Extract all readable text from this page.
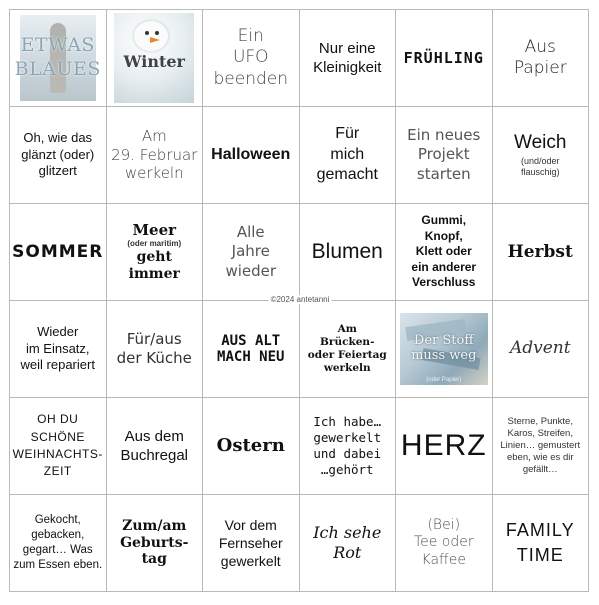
ETWAS
BLAUES Winter
Ein
UFO
beenden
Nur eine
Kleinigkeit
FRÜHLING
Aus
Papier
Oh, wie das
glänzt (oder)
glitzert
Am
29. Februar
werkeln
Halloween
Für
mich
gemacht
Ein neues
Projekt
starten
Weich
(und/oder
flauschig)
SOMMER
Meer
(oder maritim)
geht
immer
Alle
Jahre
wieder
Blumen
Gummi,
Knopf,
Klett oder
ein anderer
Verschluss
Herbst
Wieder
im Einsatz,
weil repariert
Für/aus
der Küche
AUS ALT
MACH NEU
Am
Brücken-
oder Feiertag
werkeln
Der Stoff
muss weg
(oder Papier)
Advent
OH DU
SCHÖNE
WEIHNACHTS-
ZEIT
Aus dem
Buchregal Ostern
Ich habe…
gewerkelt
und dabei
…gehört
HERZ
Sterne, Punkte,
Karos, Streifen,
Linien… gemustert
eben, wie es dir
gefällt…
Gekocht,
gebacken,
gegart… Was
zum Essen eben.
Zum/am
Geburts-
tag
Vor dem
Fernseher
gewerkelt
Ich sehe
Rot
(Bei)
Tee oder
Kaffee
FAMILY
TIME
©2024 antetanni
